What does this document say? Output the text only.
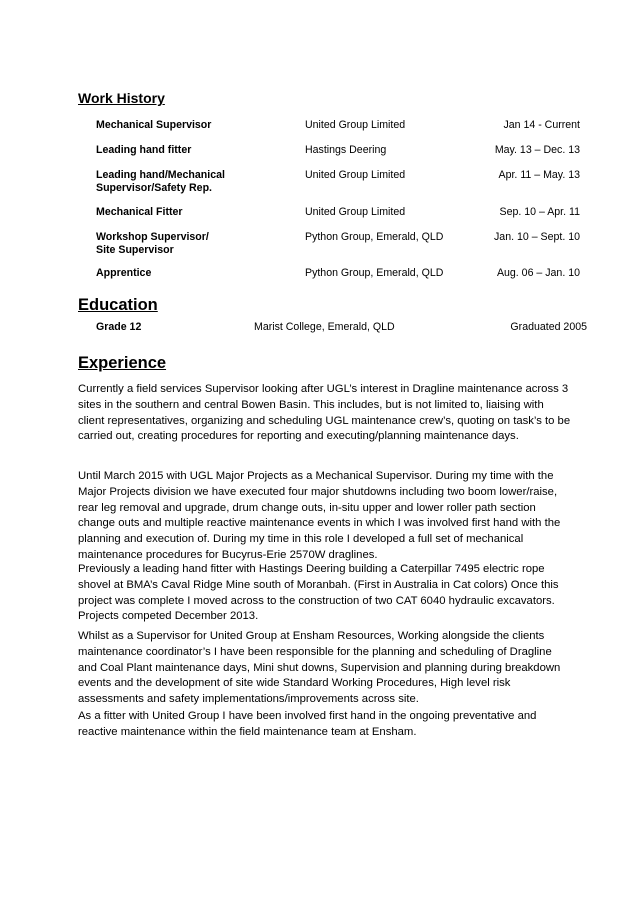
Work History
Mechanical Supervisor	United Group Limited	Jan 14 - Current
Leading hand fitter	Hastings Deering	May. 13 – Dec. 13
Leading hand/Mechanical
Supervisor/Safety Rep.
United Group Limited	Apr. 11 – May. 13
Mechanical Fitter	United Group Limited	Sep. 10 – Apr. 11
Workshop Supervisor/
Site Supervisor
Python Group, Emerald, QLD	Jan. 10 – Sept. 10
Apprentice	Python Group, Emerald, QLD	Aug. 06 – Jan. 10
Education
Grade 12	Marist College, Emerald, QLD	Graduated 2005
Experience

Currently a field services Supervisor looking after UGL’s interest in Dragline maintenance across 3 sites in the southern and central Bowen Basin. This includes, but is not limited to, liaising with client representatives, organizing and scheduling UGL maintenance crew’s, quoting on task’s to be carried out, creating procedures for reporting and executing/planning maintenance days.

Until March 2015 with UGL Major Projects as a Mechanical Supervisor. During my time with the Major Projects division we have executed four major shutdowns including two boom lower/raise, rear leg removal and upgrade, drum change outs, in-situ upper and lower roller path section change outs and multiple reactive maintenance events in which I was involved first hand with the planning and execution of. During my time in this role I developed a full set of mechanical maintenance procedures for Bucyrus-Erie 2570W draglines.

Previously a leading hand fitter with Hastings Deering building a Caterpillar 7495 electric rope shovel at BMA’s Caval Ridge Mine south of Moranbah. (First in Australia in Cat colors) Once this project was complete I moved across to the construction of two CAT 6040 hydraulic excavators. Projects competed December 2013.

Whilst as a Supervisor for United Group at Ensham Resources, Working alongside the clients maintenance coordinator’s I have been responsible for the planning and scheduling of Dragline and Coal Plant maintenance days, Mini shut downs, Supervision and planning during breakdown events and the development of site wide Standard Working Procedures, High level risk assessments and safety implementations/improvements across site.

As a fitter with United Group I have been involved first hand in the ongoing preventative and reactive maintenance within the field maintenance team at Ensham.
